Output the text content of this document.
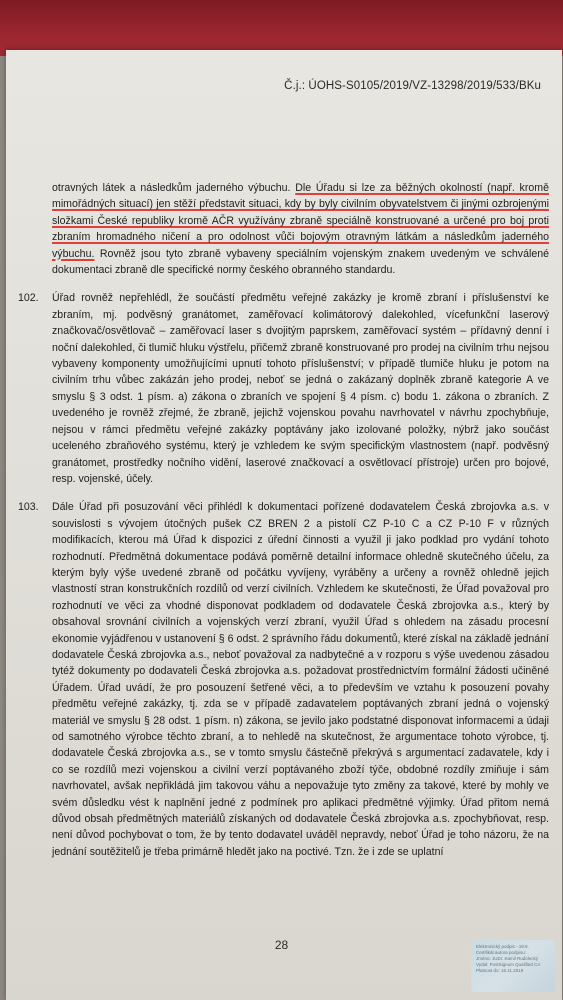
Č.j.: ÚOHS-S0105/2019/VZ-13298/2019/533/BKu
otravných látek a následkům jaderného výbuchu. Dle Úřadu si lze za běžných okolností (např. kromě mimořádných situací) jen stěží představit situaci, kdy by byly civilním obyvatelstvem či jinými ozbrojenými složkami České republiky kromě AČR využívány zbraně speciálně konstruované a určené pro boj proti zbraním hromadného ničení a pro odolnost vůči bojovým otravným látkám a následkům jaderného výbuchu. Rovněž jsou tyto zbraně vybaveny speciálním vojenským znakem uvedeným ve schválené dokumentaci zbraně dle specifické normy českého obranného standardu.
102.	Úřad rovněž nepřehlédl, že součástí předmětu veřejné zakázky je kromě zbraní i příslušenství ke zbraním, mj. podvěsný granátomet, zaměřovací kolimátorový dalekohled, vícefunkční laserový značkovač/osvětlovač – zaměřovací laser s dvojitým paprskem, zaměřovací systém – přídavný denní i noční dalekohled, či tlumič hluku výstřelu, přičemž zbraně konstruované pro prodej na civilním trhu nejsou vybaveny komponenty umožňujícími upnutí tohoto příslušenství; v případě tlumiče hluku je potom na civilním trhu vůbec zakázán jeho prodej, neboť se jedná o zakázaný doplněk zbraně kategorie A ve smyslu § 3 odst. 1 písm. a) zákona o zbraních ve spojení § 4 písm. c) bodu 1. zákona o zbraních. Z uvedeného je rovněž zřejmé, že zbraně, jejichž vojenskou povahu navrhovatel v návrhu zpochybňuje, nejsou v rámci předmětu veřejné zakázky poptávány jako izolované položky, nýbrž jako součást uceleného zbraňového systému, který je vzhledem ke svým specifickým vlastnostem (např. podvěsný granátomet, prostředky nočního vidění, laserové značkovací a osvětlovací přístroje) určen pro bojové, resp. vojenské, účely.
103.	Dále Úřad při posuzování věci přihlédl k dokumentaci pořízené dodavatelem Česká zbrojovka a.s. v souvislosti s vývojem útočných pušek CZ BREN 2 a pistolí CZ P-10 C a CZ P-10 F v různých modifikacích, kterou má Úřad k dispozici z úřední činnosti a využil ji jako podklad pro vydání tohoto rozhodnutí. Předmětná dokumentace podává poměrně detailní informace ohledně skutečného účelu, za kterým byly výše uvedené zbraně od počátku vyvíjeny, vyráběny a určeny a rovněž ohledně jejich vlastností stran konstrukčních rozdílů od verzí civilních. Vzhledem ke skutečnosti, že Úřad považoval pro rozhodnutí ve věci za vhodné disponovat podkladem od dodavatele Česká zbrojovka a.s., který by obsahoval srovnání civilních a vojenských verzí zbraní, využil Úřad s ohledem na zásadu procesní ekonomie vyjádřenou v ustanovení § 6 odst. 2 správního řádu dokumentů, které získal na základě jednání dodavatele Česká zbrojovka a.s., neboť považoval za nadbytečné a v rozporu s výše uvedenou zásadou tytéž dokumenty po dodavateli Česká zbrojovka a.s. požadovat prostřednictvím formální žádosti učiněné Úřadem. Úřad uvádí, že pro posouzení šetřené věci, a to především ve vztahu k posouzení povahy předmětu veřejné zakázky, tj. zda se v případě zadavatelem poptávaných zbraní jedná o vojenský materiál ve smyslu § 28 odst. 1 písm. n) zákona, se jevilo jako podstatné disponovat informacemi a údaji od samotného výrobce těchto zbraní, a to nehledě na skutečnost, že argumentace tohoto výrobce, tj. dodavatele Česká zbrojovka a.s., se v tomto smyslu částečně překrývá s argumentací zadavatele, kdy i co se rozdílů mezi vojenskou a civilní verzí poptávaného zboží týče, obdobné rozdíly zmiňuje i sám navrhovatel, avšak nepřikládá jim takovou váhu a nepovažuje tyto změny za takové, které by mohly ve svém důsledku vést k naplnění jedné z podmínek pro aplikaci předmětné výjimky. Úřad přitom nemá důvod obsah předmětných materiálů získaných od dodavatele Česká zbrojovka a.s. zpochybňovat, resp. není důvod pochybovat o tom, že by tento dodavatel uváděl nepravdy, neboť Úřad je toho názoru, že na jednání soutěžitelů je třeba primárně hledět jako na poctivé. Tzn. že i zde se uplatní
28	Elektronický podpis - 19.9.
Certifikát autora podpisu:
Jméno: JUDr. Kamil Rudolecký
Vydal: PostSignum Qualified CA
Platnost do: 18.11.2019
